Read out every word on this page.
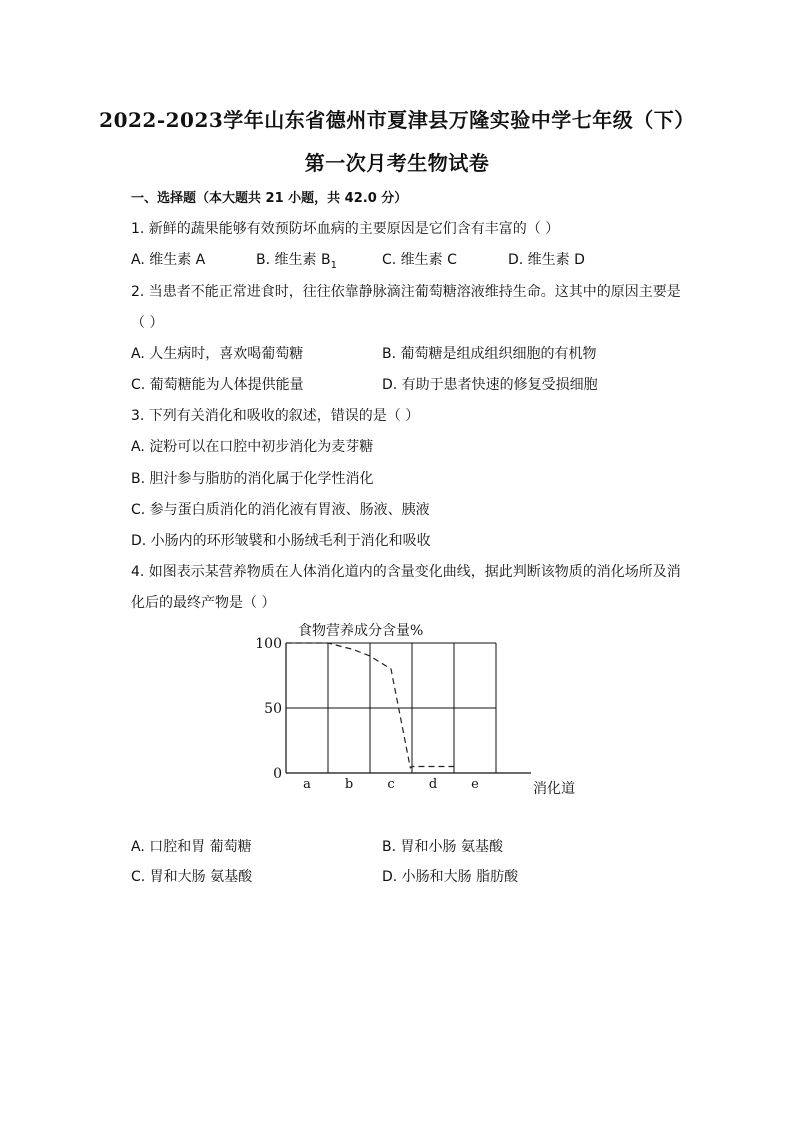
2022-2023学年山东省德州市夏津县万隆实验中学七年级（下）
第一次月考生物试卷
一、选择题（本大题共 21 小题，共 42.0 分）
1. 新鲜的蔬果能够有效预防坏血病的主要原因是它们含有丰富的（ ）
A. 维生素 A	B. 维生素 $B_1$	C. 维生素 C	D. 维生素 D
2. 当患者不能正常进食时，往往依靠静脉滴注葡萄糖溶液维持生命。这其中的原因主要是
（ ）
A. 人生病时，喜欢喝葡萄糖	B. 葡萄糖是组成组织细胞的有机物
C. 葡萄糖能为人体提供能量	D. 有助于患者快速的修复受损细胞
3. 下列有关消化和吸收的叙述，错误的是（ ）
A. 淀粉可以在口腔中初步消化为麦芽糖
B. 胆汁参与脂肪的消化属于化学性消化
C. 参与蛋白质消化的消化液有胃液、肠液、胰液
D. 小肠内的环形皱襞和小肠绒毛利于消化和吸收
4. 如图表示某营养物质在人体消化道内的含量变化曲线，据此判断该物质的消化场所及消
化后的最终产物是（ ）
100
50
0
a	b	c	d	e
食物营养成分含量%
消化道
A. 口腔和胃 葡萄糖	B. 胃和小肠 氨基酸
C. 胃和大肠 氨基酸	D. 小肠和大肠 脂肪酸
